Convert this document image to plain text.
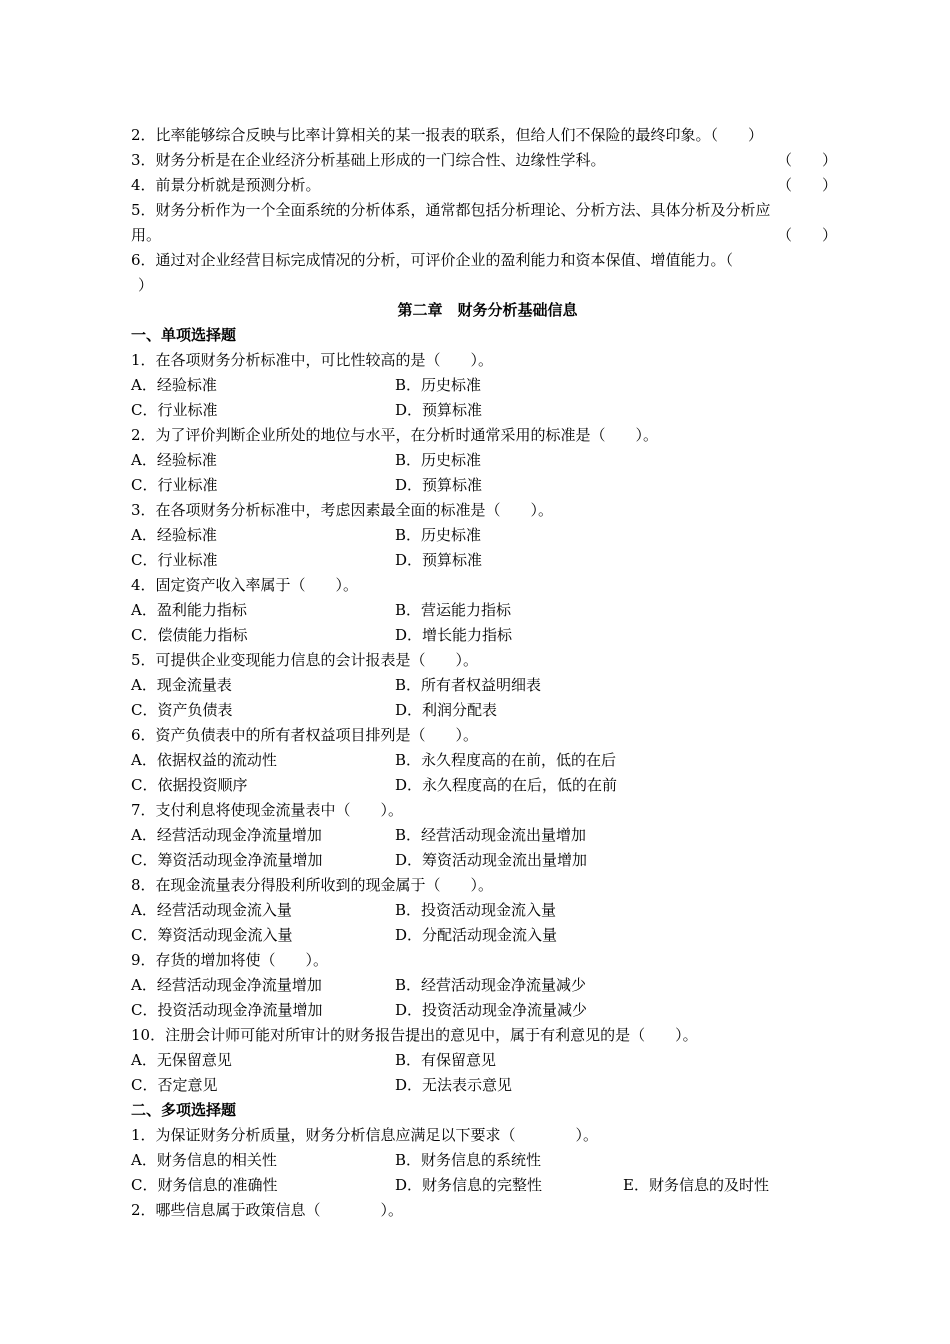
2．比率能够综合反映与比率计算相关的某一报表的联系，但给人们不保险的最终印象。（　　）
3．财务分析是在企业经济分析基础上形成的一门综合性、边缘性学科。	（　　）
4．前景分析就是预测分析。	（　　）
5．财务分析作为一个全面系统的分析体系，通常都包括分析理论、分析方法、具体分析及分析应
用。	（　　）
6．通过对企业经营目标完成情况的分析，可评价企业的盈利能力和资本保值、增值能力。（
）
第二章　财务分析基础信息
一、单项选择题
1．在各项财务分析标准中，可比性较高的是（　　）。
A．经验标准	B．历史标准
C．行业标准	D．预算标准
2．为了评价判断企业所处的地位与水平，在分析时通常采用的标准是（　　）。
A．经验标准	B．历史标准
C．行业标准	D．预算标准
3．在各项财务分析标准中，考虑因素最全面的标准是（　　）。
A．经验标准	B．历史标准
C．行业标准	D．预算标准
4．固定资产收入率属于（　　）。
A．盈利能力指标	B．营运能力指标
C．偿债能力指标	D．增长能力指标
5．可提供企业变现能力信息的会计报表是（　　）。
A．现金流量表	B．所有者权益明细表
C．资产负债表	D．利润分配表
6．资产负债表中的所有者权益项目排列是（　　）。
A．依据权益的流动性	B．永久程度高的在前，低的在后
C．依据投资顺序	D．永久程度高的在后，低的在前
7．支付利息将使现金流量表中（　　）。
A．经营活动现金净流量增加	B．经营活动现金流出量增加
C．筹资活动现金净流量增加	D．筹资活动现金流出量增加
8．在现金流量表分得股利所收到的现金属于（　　）。
A．经营活动现金流入量	B．投资活动现金流入量
C．筹资活动现金流入量	D．分配活动现金流入量
9．存货的增加将使（　　）。
A．经营活动现金净流量增加	B．经营活动现金净流量减少
C．投资活动现金净流量增加	D．投资活动现金净流量减少
10．注册会计师可能对所审计的财务报告提出的意见中，属于有利意见的是（　　）。
A．无保留意见	B．有保留意见
C．否定意见	D．无法表示意见
二、多项选择题
1．为保证财务分析质量，财务分析信息应满足以下要求（　　　　）。
A．财务信息的相关性	B．财务信息的系统性
C．财务信息的准确性	D．财务信息的完整性	E．财务信息的及时性
2．哪些信息属于政策信息（　　　　）。
